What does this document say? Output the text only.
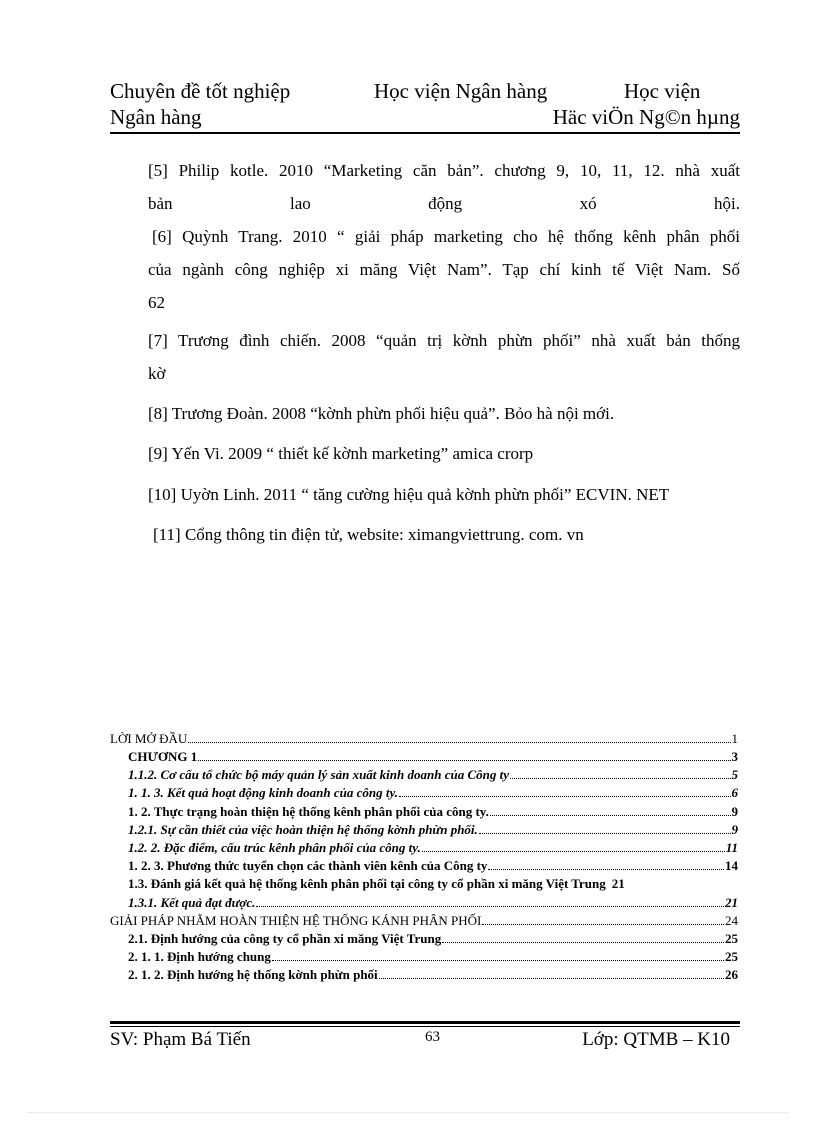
Chuyên đề tốt nghiệp	Học viện Ngân hàng	Học viện
Ngân hàng	Häc viÖn Ng©n hµng
[5] Philip kotle. 2010 “Marketing căn bản”. chương 9, 10, 11, 12. nhà xuất
bản lao động xó hội.
[6] Quỳnh Trang. 2010 “ giải pháp marketing cho hệ thống kênh phân phối
của ngành công nghiệp xi măng Việt Nam”. Tạp chí kinh tế Việt Nam. Số
62
[7] Trương đình chiến. 2008 “quản trị kờnh phừn phối” nhà xuất bản thống
kờ
[8] Trương Đoàn. 2008 “kờnh phừn phối hiệu quả”. Bỏo hà nội mới.
[9] Yến Vi. 2009 “ thiết kế kờnh marketing” amica crorp
[10] Uyờn Linh. 2011 “ tăng cường hiệu quả kờnh phừn phối” ECVIN. NET
[11] Cổng thông tin điện tử, website: ximangviettrung. com. vn
LỜI MỞ ĐẦU	1
CHƯƠNG 1	3
1.1.2. Cơ cấu tổ chức bộ máy quản lý sản xuất kinh doanh của Công ty	5
1. 1. 3. Kết quả hoạt động kinh doanh của công ty.	6
1. 2. Thực trạng hoàn thiện hệ thống kênh phân phối của công ty.	9
1.2.1. Sự cần thiết của việc hoàn thiện hệ thống kờnh phừn phối.	9
1.2. 2. Đặc điểm, cấu trúc kênh phân phối của công ty.	11
1. 2. 3. Phương thức tuyển chọn các thành viên kênh của Công ty	14
1.3. Đánh giá kết quả hệ thống kênh phân phối tại công ty cổ phần xi măng Việt Trung 21
1.3.1. Kết quả đạt được.	21
GIẢI PHÁP NHẰM HOÀN THIỆN HỆ THỐNG KÁNH PHÂN PHỐI	24
2.1. Định hướng của công ty cổ phần xi măng Việt Trung	25
2. 1. 1. Định hướng chung	25
2. 1. 2. Định hướng hệ thống kờnh phừn phối	26
SV: Phạm Bá Tiến	63	Lớp: QTMB – K10
